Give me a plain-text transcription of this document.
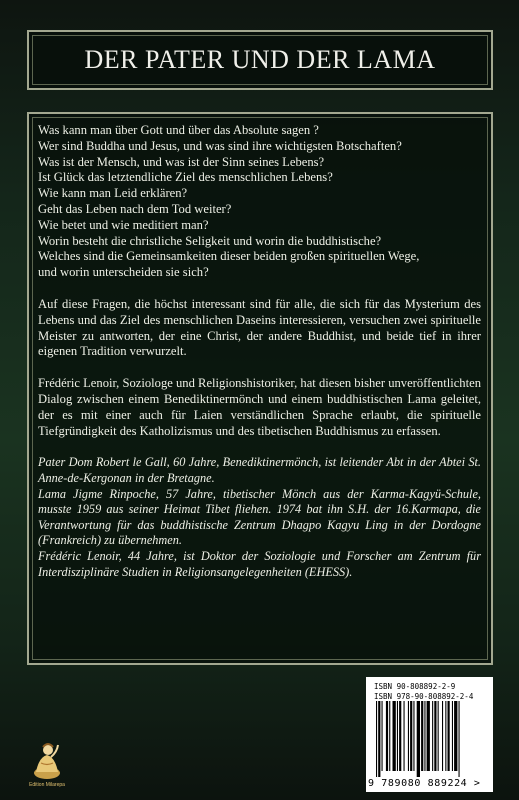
DER PATER UND DER LAMA
Was kann man über Gott und über das Absolute sagen ?
Wer sind Buddha und Jesus, und was sind ihre wichtigsten Botschaften?
Was ist der Mensch, und was ist der Sinn seines Lebens?
Ist Glück das letztendliche Ziel des menschlichen Lebens?
Wie kann man Leid erklären?
Geht das Leben nach dem Tod weiter?
Wie betet und wie meditiert man?
Worin besteht die christliche Seligkeit und worin die buddhistische?
Welches sind die Gemeinsamkeiten dieser beiden großen spirituellen Wege,
und worin unterscheiden sie sich?
Auf diese Fragen, die höchst interessant sind für alle, die sich für das Mysterium des Lebens und das Ziel des menschlichen Daseins interessieren, versuchen zwei spirituelle Meister zu antworten, der eine Christ, der andere Buddhist, und beide tief in ihrer eigenen Tradition verwurzelt.
Frédéric Lenoir, Soziologe und Religionshistoriker, hat diesen bisher unveröffentlichten Dialog zwischen einem Benediktinermönch und einem buddhistischen Lama geleitet, der es mit einer auch für Laien verständlichen Sprache erlaubt, die spirituelle Tiefgründigkeit des Katholizismus und des tibetischen Buddhismus zu erfassen.
Pater Dom Robert le Gall, 60 Jahre, Benediktinermönch, ist leitender Abt in der Abtei St. Anne-de-Kergonan in der Bretagne.
Lama Jigme Rinpoche, 57 Jahre, tibetischer Mönch aus der Karma-Kagyü-Schule, musste 1959 aus seiner Heimat Tibet fliehen. 1974 bat ihn S.H. der 16.Karmapa, die Verantwortung für das buddhistische Zentrum Dhagpo Kagyu Ling in der Dordogne (Frankreich) zu übernehmen.
Frédéric Lenoir, 44 Jahre, ist Doktor der Soziologie und Forscher am Zentrum für Interdisziplinäre Studien in Religionsangelegenheiten (EHESS).
Edition Milarepa
ISBN 90-808892-2-9
ISBN 978-90-808892-2-4
9 789080 889224 >
